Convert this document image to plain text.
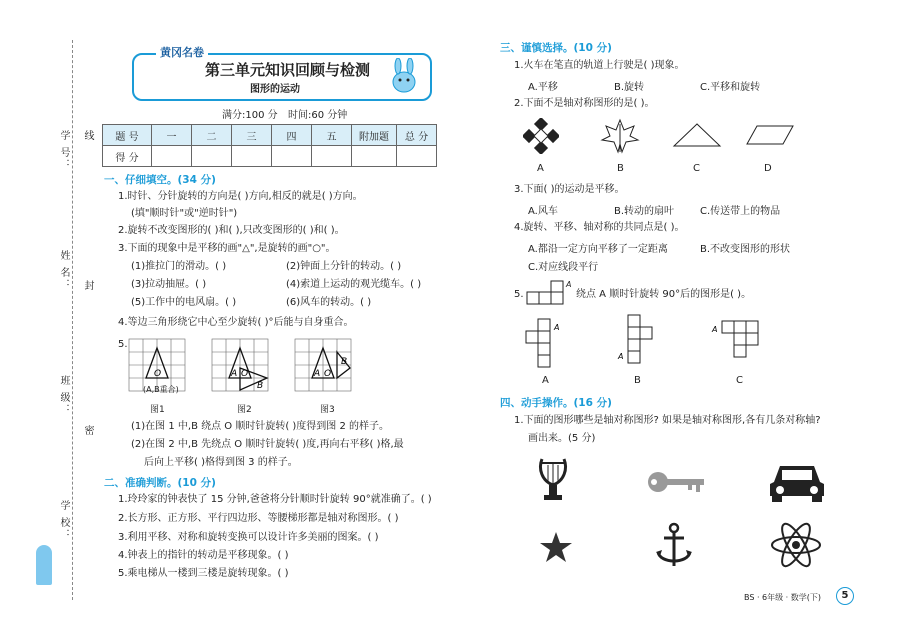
学 号： 线
姓 名： 封
班 级：
密
学 校：
黄冈名卷
第三单元知识回顾与检测
图形的运动
满分:100 分 时间:60 分钟
题 号	一	二	三	四	五	附加题	总 分
得 分							
一、仔细填空。(34 分)
1.时针、分针旋转的方向是( )方向,相反的就是( )方向。
(填"顺时针"或"逆时针")
2.旋转不改变图形的( )和( ),只改变图形的( )和( )。
3.下面的现象中是平移的画"△",是旋转的画"○"。
(1)推拉门的滑动。( )	(2)钟面上分针的转动。( )
(3)拉动抽屉。( )	(4)索道上运动的观光缆车。( )
(5)工作中的电风扇。( )	(6)风车的转动。( )
4.等边三角形绕它中心至少旋转( )°后能与自身重合。
5.
O
(A,B重合)
图1
A O
B
图2
A O
B
图3
(1)在图 1 中,B 绕点 O 顺时针旋转( )度得到图 2 的样子。
(2)在图 2 中,B 先绕点 O 顺时针旋转( )度,再向右平移( )格,最
后向上平移( )格得到图 3 的样子。
二、准确判断。(10 分)
1.玲玲家的钟表快了 15 分钟,爸爸将分针顺时针旋转 90°就准确了。( )
2.长方形、正方形、平行四边形、等腰梯形都是轴对称图形。( )
3.利用平移、对称和旋转变换可以设计许多美丽的图案。( )
4.钟表上的指针的转动是平移现象。( )
5.乘电梯从一楼到三楼是旋转现象。( )
三、谨慎选择。(10 分)
1.火车在笔直的轨道上行驶是( )现象。
A.平移	B.旋转	C.平移和旋转
2.下面不是轴对称图形的是( )。
A	B	C	D
3.下面( )的运动是平移。
A.风车	B.转动的扇叶	C.传送带上的物品
4.旋转、平移、轴对称的共同点是( )。
A.都沿一定方向平移了一定距离	B.不改变图形的形状
C.对应线段平行
5.
A
绕点 A 顺时针旋转 90°后的图形是( )。
A
A
A
A	B	C
四、动手操作。(16 分)
1.下面的图形哪些是轴对称图形? 如果是轴对称图形,各有几条对称轴?
画出来。(5 分)
BS · 6年级 · 数学(下)	5
